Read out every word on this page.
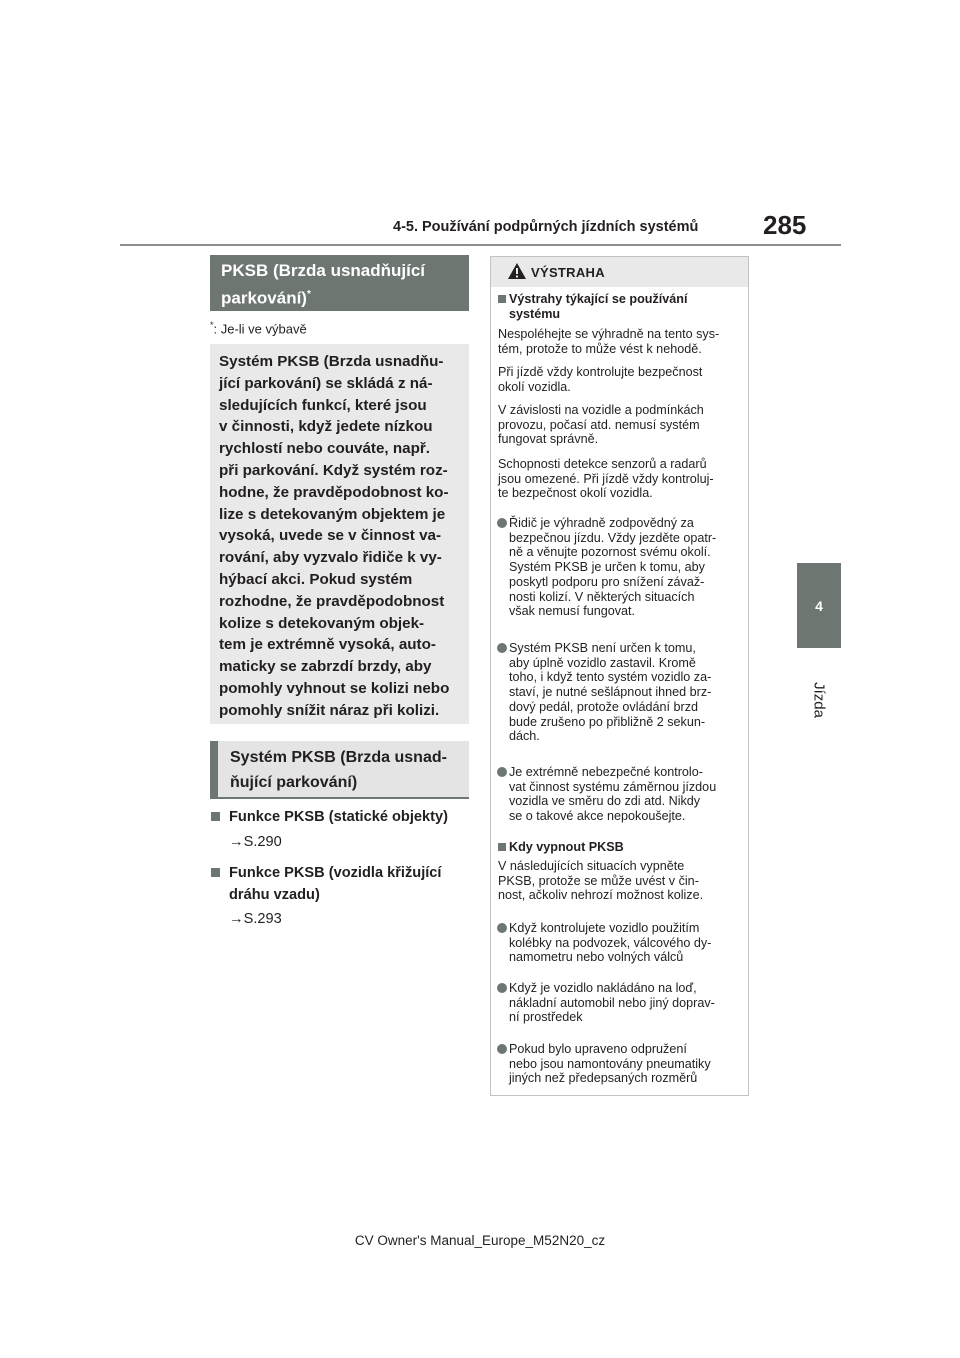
4-5. Používání podpůrných jízdních systémů 285
4
Jízda
PKSB (Brzda usnadňující parkování)*
*: Je-li ve výbavě
Systém PKSB (Brzda usnadňu-
jící parkování) se skládá z ná-
sledujících funkcí, které jsou
v činnosti, když jedete nízkou
rychlostí nebo couváte, např.
při parkování. Když systém roz-
hodne, že pravděpodobnost ko-
lize s detekovaným objektem je
vysoká, uvede se v činnost va-
rování, aby vyzvalo řidiče k vy-
hýbací akci. Pokud systém
rozhodne, že pravděpodobnost
kolize s detekovaným objek-
tem je extrémně vysoká, auto-
maticky se zabrzdí brzdy, aby
pomohly vyhnout se kolizi nebo
pomohly snížit náraz při kolizi.
Systém PKSB (Brzda usnad-
ňující parkování)
Funkce PKSB (statické objekty)
→S.290
Funkce PKSB (vozidla křižující
dráhu vzadu)
→S.293
VÝSTRAHA
Výstrahy týkající se používání
systému
Nespoléhejte se výhradně na tento sys-
tém, protože to může vést k nehodě.
Při jízdě vždy kontrolujte bezpečnost
okolí vozidla.
V závislosti na vozidle a podmínkách
provozu, počasí atd. nemusí systém
fungovat správně.
Schopnosti detekce senzorů a radarů
jsou omezené. Při jízdě vždy kontroluj-
te bezpečnost okolí vozidla.
Řidič je výhradně zodpovědný za
bezpečnou jízdu. Vždy jezděte opatr-
ně a věnujte pozornost svému okolí.
Systém PKSB je určen k tomu, aby
poskytl podporu pro snížení závaž-
nosti kolizí. V některých situacích
však nemusí fungovat.
Systém PKSB není určen k tomu,
aby úplně vozidlo zastavil. Kromě
toho, i když tento systém vozidlo za-
staví, je nutné sešlápnout ihned brz-
dový pedál, protože ovládání brzd
bude zrušeno po přibližně 2 sekun-
dách.
Je extrémně nebezpečné kontrolo-
vat činnost systému záměrnou jízdou
vozidla ve směru do zdi atd. Nikdy
se o takové akce nepokoušejte.
Kdy vypnout PKSB
V následujících situacích vypněte
PKSB, protože se může uvést v čin-
nost, ačkoliv nehrozí možnost kolize.
Když kontrolujete vozidlo použitím
kolébky na podvozek, válcového dy-
namometru nebo volných válců
Když je vozidlo nakládáno na loď,
nákladní automobil nebo jiný doprav-
ní prostředek
Pokud bylo upraveno odpružení
nebo jsou namontovány pneumatiky
jiných než předepsaných rozměrů
CV Owner's Manual_Europe_M52N20_cz
